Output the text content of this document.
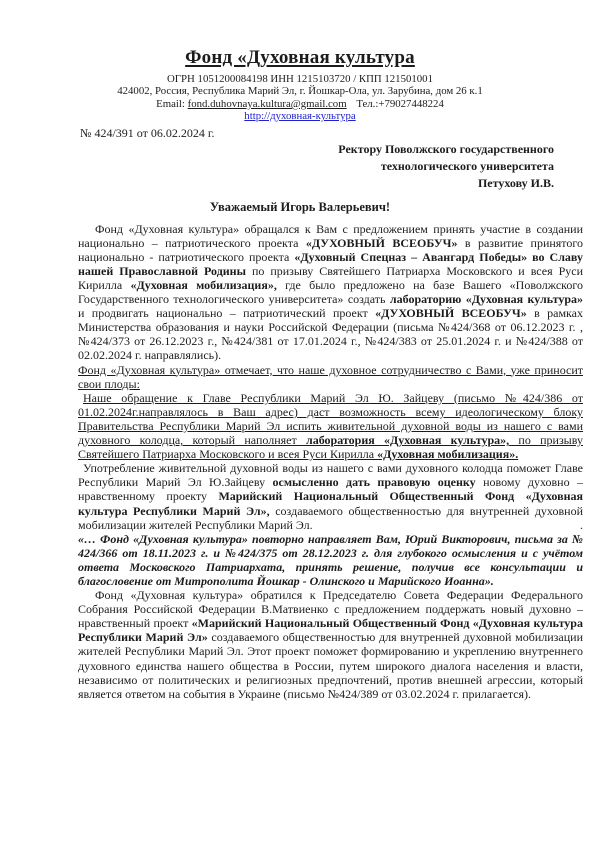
Фонд «Духовная культура
ОГРН 1051200084198 ИНН 1215103720 / КПП 121501001
424002, Россия, Республика Марий Эл, г. Йошкар-Ола, ул. Зарубина, дом 26 к.1
Email: fond.duhovnaya.kultura@gmail.com Тел.:+79027448224
http://духовная-культура
№ 424/391 от 06.02.2024 г.
Ректору Поволжского государственного
технологического университета
Петухову И.В.
Уважаемый Игорь Валерьевич!

Фонд «Духовная культура» обращался к Вам с предложением принять участие в создании национально – патриотического проекта «ДУХОВНЫЙ ВСЕОБУЧ» в развитие принятого национально - патриотического проекта «Духовный Спецназ – Авангард Победы» во Славу нашей Православной Родины по призыву Святейшего Патриарха Московского и всея Руси Кирилла «Духовная мобилизация», где было предложено на базе Вашего «Поволжского Государственного технологического университета» создать лабораторию «Духовная культура» и продвигать национально – патриотический проект «ДУХОВНЫЙ ВСЕОБУЧ» в рамках Министерства образования и науки Российской Федерации (письма №424/368 от 06.12.2023 г. , №424/373 от 26.12.2023 г., №424/381 от 17.01.2024 г., №424/383 от 25.01.2024 г. и №424/388 от 02.02.2024 г. направлялись).

Фонд «Духовная культура» отмечает, что наше духовное сотрудничество с Вами, уже приносит свои плоды:

Наше обращение к Главе Республики Марий Эл Ю. Зайцеву (письмо №424/386 от 01.02.2024г.направлялось в Ваш адрес) даст возможность всему идеологическому блоку Правительства Республики Марий Эл испить живительной духовной воды из нашего с вами духовного колодца, который наполняет лаборатория «Духовная культура», по призыву Святейшего Патриарха Московского и всея Руси Кирилла «Духовная мобилизация».

Употребление живительной духовной воды из нашего с вами духовного колодца поможет Главе Республики Марий Эл Ю.Зайцеву осмысленно дать правовую оценку новому духовно – нравственному проекту Марийский Национальный Общественный Фонд «Духовная культура Республики Марий Эл», создаваемого общественностью для внутренней духовной мобилизации жителей Республики Марий Эл.	.

«… Фонд «Духовная культура» повторно направляет Вам, Юрий Викторович, письма за № 424/366 от 18.11.2023 г. и №424/375 от 28.12.2023 г. для глубокого осмысления и с учётом ответа Московского Патриархата, принять решение, получив все консультации и благословение от Митрополита Йошкар - Олинского и Марийского Иоанна».

Фонд «Духовная культура» обратился к Председателю Совета Федерации Федерального Собрания Российской Федерации В.Матвиенко с предложением поддержать новый духовно – нравственный проект «Марийский Национальный Общественный Фонд «Духовная культура Республики Марий Эл» создаваемого общественностью для внутренней духовной мобилизации жителей Республики Марий Эл. Этот проект поможет формированию и укреплению внутреннего духовного единства нашего общества в России, путем широкого диалога населения и власти, независимо от политических и религиозных предпочтений, против внешней агрессии, который является ответом на события в Украине (письмо №424/389 от 03.02.2024 г. прилагается).
